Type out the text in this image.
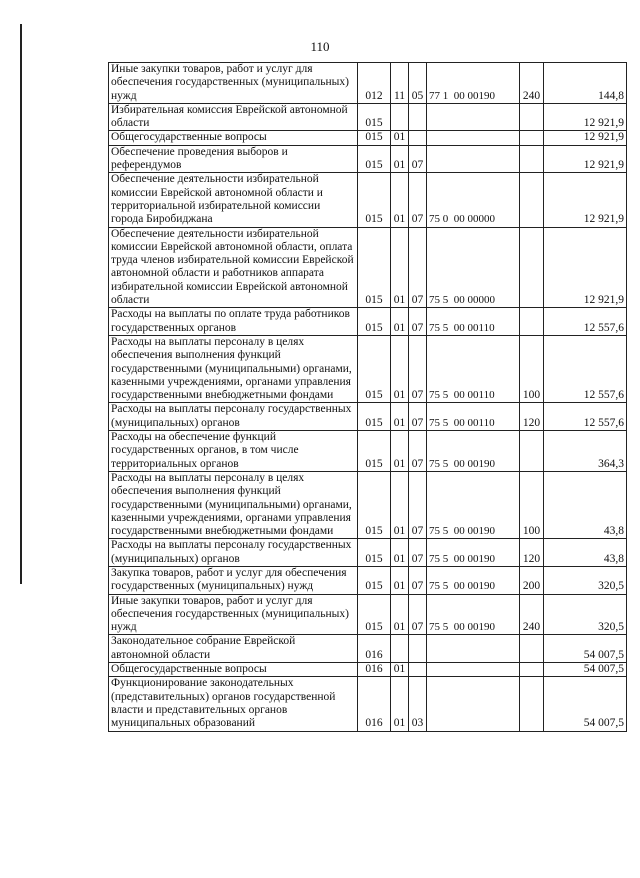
110
Иные закупки товаров, работ и услуг для обеспечения государственных (муниципальных) нужд	012	11	05	77 1  00 00190	240	144,8
Избирательная комиссия Еврейской автономной области	015					12 921,9
Общегосударственные вопросы	015	01				12 921,9
Обеспечение проведения выборов и референдумов	015	01	07			12 921,9
Обеспечение деятельности избирательной комиссии Еврейской автономной области и территориальной избирательной комиссии города Биробиджана	015	01	07	75 0  00 00000		12 921,9
Обеспечение деятельности избирательной комиссии Еврейской автономной области, оплата труда членов избирательной комиссии Еврейской автономной области и работников аппарата избирательной комиссии Еврейской автономной области	015	01	07	75 5  00 00000		12 921,9
Расходы на выплаты по оплате труда работников государственных органов	015	01	07	75 5  00 00110		12 557,6
Расходы на выплаты персоналу в целях обеспечения выполнения функций государственными (муниципальными) органами, казенными учреждениями, органами управления государственными внебюджетными фондами	015	01	07	75 5  00 00110	100	12 557,6
Расходы на выплаты персоналу государственных (муниципальных) органов	015	01	07	75 5  00 00110	120	12 557,6
Расходы на обеспечение функций государственных органов, в том числе территориальных органов	015	01	07	75 5  00 00190		364,3
Расходы на выплаты персоналу в целях обеспечения выполнения функций государственными (муниципальными) органами, казенными учреждениями, органами управления государственными внебюджетными фондами	015	01	07	75 5  00 00190	100	43,8
Расходы на выплаты персоналу государственных (муниципальных) органов	015	01	07	75 5  00 00190	120	43,8
Закупка товаров, работ и услуг для обеспечения государственных (муниципальных) нужд	015	01	07	75 5  00 00190	200	320,5
Иные закупки товаров, работ и услуг для обеспечения государственных (муниципальных) нужд	015	01	07	75 5  00 00190	240	320,5
Законодательное собрание Еврейской автономной области	016					54 007,5
Общегосударственные вопросы	016	01				54 007,5
Функционирование законодательных (представительных) органов государственной власти и представительных органов муниципальных образований	016	01	03			54 007,5
